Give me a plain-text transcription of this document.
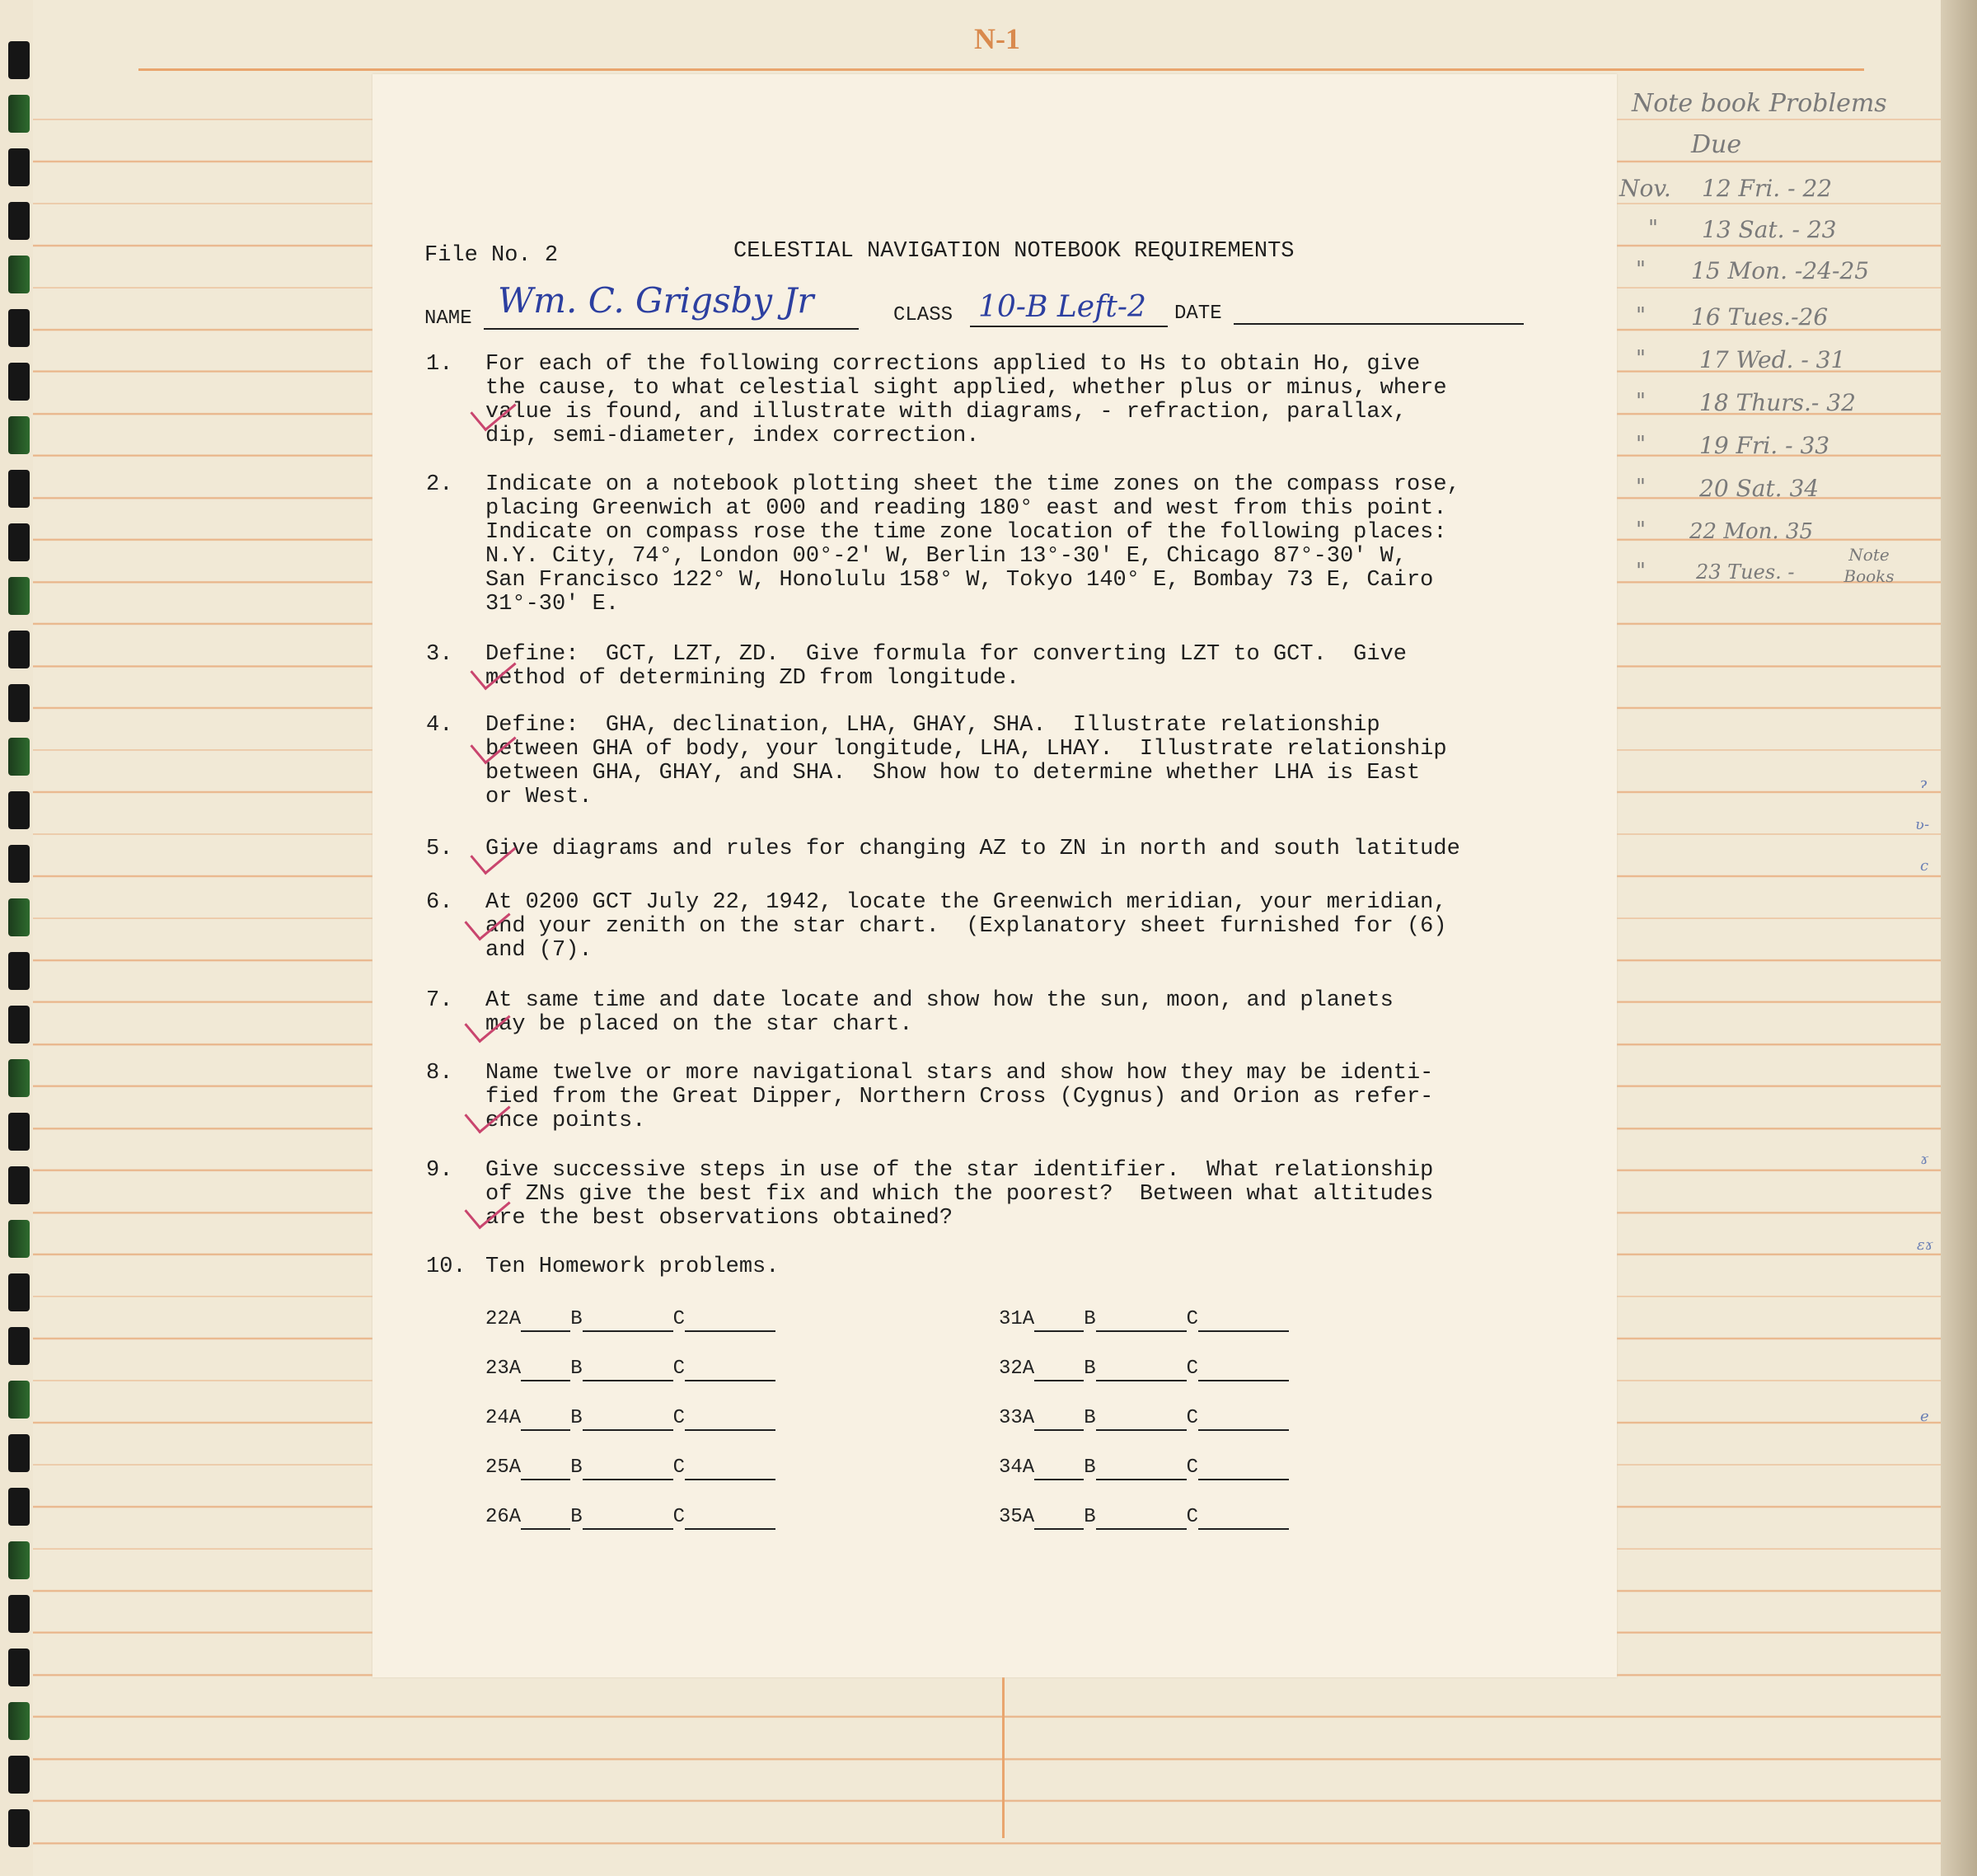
N-1
File No. 2	CELESTIAL NAVIGATION NOTEBOOK REQUIREMENTS
NAME Wm. C. Grigsby Jr	CLASS 10-B Left-2 DATE
1. For each of the following corrections applied to Hs to obtain Ho, give
the cause, to what celestial sight applied, whether plus or minus, where
value is found, and illustrate with diagrams, - refraction, parallax,
dip, semi-diameter, index correction.
2. Indicate on a notebook plotting sheet the time zones on the compass rose,
placing Greenwich at 000 and reading 180° east and west from this point.
Indicate on compass rose the time zone location of the following places:
N.Y. City, 74°, London 00°-2' W, Berlin 13°-30' E, Chicago 87°-30' W,
San Francisco 122° W, Honolulu 158° W, Tokyo 140° E, Bombay 73 E, Cairo
31°-30' E.
3. Define:  GCT, LZT, ZD.  Give formula for converting LZT to GCT.  Give
method of determining ZD from longitude.
4. Define:  GHA, declination, LHA, GHAY, SHA.  Illustrate relationship
between GHA of body, your longitude, LHA, LHAY.  Illustrate relationship
between GHA, GHAY, and SHA.  Show how to determine whether LHA is East
or West.
5. Give diagrams and rules for changing AZ to ZN in north and south latitude
6. At 0200 GCT July 22, 1942, locate the Greenwich meridian, your meridian,
and your zenith on the star chart.  (Explanatory sheet furnished for (6)
and (7).
7. At same time and date locate and show how the sun, moon, and planets
may be placed on the star chart.
8. Name twelve or more navigational stars and show how they may be identi-
fied from the Great Dipper, Northern Cross (Cygnus) and Orion as refer-
ence points.
9. Give successive steps in use of the star identifier.  What relationship
of ZNs give the best fix and which the poorest?  Between what altitudes
are the best observations obtained?
10. Ten Homework problems.
22A	B	C
23A	B	C
24A	B	C
25A	B	C
26A	B	C
31A	B	C
32A	B	C
33A	B	C
34A	B	C
35A	B	C
Note book Problems
Due
Nov. 12 Fri. - 22
" 13 Sat. - 23
" 15 Mon. -24-25
" 16 Tues.-26
" 17 Wed. - 31
" 18 Thurs.- 32
" 19 Fri. - 33
" 20 Sat. 34
" 22 Mon. 35
"	23 Tues. -
Note Books
ɂ
ʋ-
c
ɤ
ɛɤ
e
